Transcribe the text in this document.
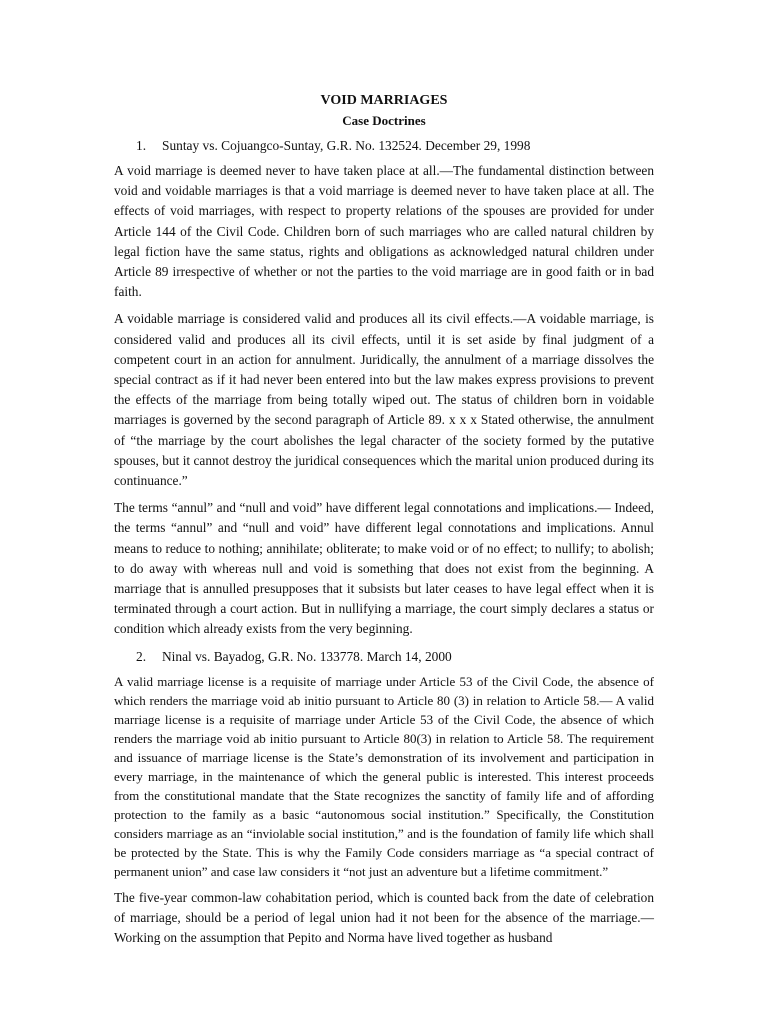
VOID MARRIAGES
Case Doctrines
1.	Suntay vs. Cojuangco-Suntay, G.R. No. 132524. December 29, 1998

A void marriage is deemed never to have taken place at all.—The fundamental distinction between void and voidable marriages is that a void marriage is deemed never to have taken place at all. The effects of void marriages, with respect to property relations of the spouses are provided for under Article 144 of the Civil Code. Children born of such marriages who are called natural children by legal fiction have the same status, rights and obligations as acknowledged natural children under Article 89 irrespective of whether or not the parties to the void marriage are in good faith or in bad faith.

A voidable marriage is considered valid and produces all its civil effects.—A voidable marriage, is considered valid and produces all its civil effects, until it is set aside by final judgment of a competent court in an action for annulment. Juridically, the annulment of a marriage dissolves the special contract as if it had never been entered into but the law makes express provisions to prevent the effects of the marriage from being totally wiped out. The status of children born in voidable marriages is governed by the second paragraph of Article 89. x x x Stated otherwise, the annulment of “the marriage by the court abolishes the legal character of the society formed by the putative spouses, but it cannot destroy the juridical consequences which the marital union produced during its continuance.”

The terms “annul” and “null and void” have different legal connotations and implications.— Indeed, the terms “annul” and “null and void” have different legal connotations and implications. Annul means to reduce to nothing; annihilate; obliterate; to make void or of no effect; to nullify; to abolish; to do away with whereas null and void is something that does not exist from the beginning. A marriage that is annulled presupposes that it subsists but later ceases to have legal effect when it is terminated through a court action. But in nullifying a marriage, the court simply declares a status or condition which already exists from the very beginning.

2.	Ninal vs. Bayadog, G.R. No. 133778. March 14, 2000

A valid marriage license is a requisite of marriage under Article 53 of the Civil Code, the absence of which renders the marriage void ab initio pursuant to Article 80 (3) in relation to Article 58.— A valid marriage license is a requisite of marriage under Article 53 of the Civil Code, the absence of which renders the marriage void ab initio pursuant to Article 80(3) in relation to Article 58. The requirement and issuance of marriage license is the State’s demonstration of its involvement and participation in every marriage, in the maintenance of which the general public is interested. This interest proceeds from the constitutional mandate that the State recognizes the sanctity of family life and of affording protection to the family as a basic “autonomous social institution.” Specifically, the Constitution considers marriage as an “inviolable social institution,” and is the foundation of family life which shall be protected by the State. This is why the Family Code considers marriage as “a special contract of permanent union” and case law considers it “not just an adventure but a lifetime commitment.”

The five-year common-law cohabitation period, which is counted back from the date of celebration of marriage, should be a period of legal union had it not been for the absence of the marriage.—Working on the assumption that Pepito and Norma have lived together as husband
